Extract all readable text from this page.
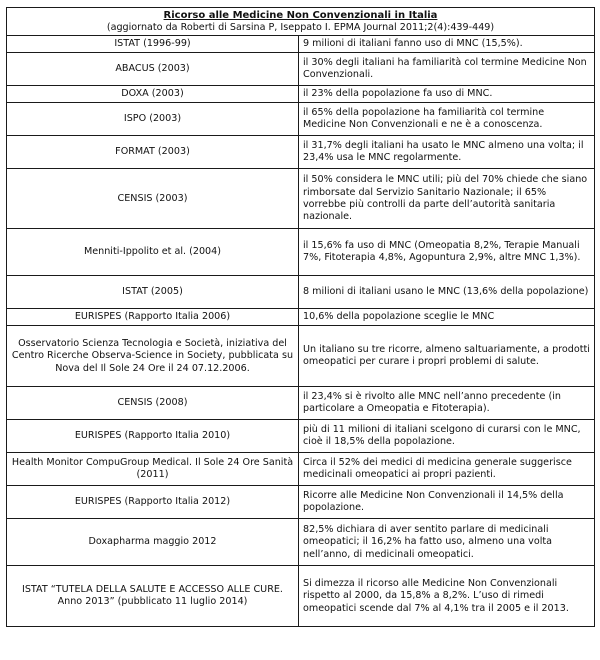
Ricorso alle Medicine Non Convenzionali in Italia
(aggiornato da Roberti di Sarsina P, Iseppato I. EPMA Journal 2011;2(4):439-449)	

ISTAT (1996-99)	9 milioni di italiani fanno uso di MNC (15,5%).
ABACUS (2003)	il 30% degli italiani ha familiarità col termine Medicine Non Convenzionali.
DOXA (2003)	il 23% della popolazione fa uso di MNC.
ISPO (2003)	il 65% della popolazione ha familiarità col termine Medicine Non Convenzionali e ne è a conoscenza.
FORMAT (2003)	il 31,7% degli italiani ha usato le MNC almeno una volta; il 23,4% usa le MNC regolarmente.
CENSIS (2003)	il 50% considera le MNC utili; più del 70% chiede che siano rimborsate dal Servizio Sanitario Nazionale; il 65% vorrebbe più controlli da parte dell’autorità sanitaria nazionale.
Menniti-Ippolito et al. (2004)	il 15,6% fa uso di MNC (Omeopatia 8,2%, Terapie Manuali 7%, Fitoterapia 4,8%, Agopuntura 2,9%, altre MNC 1,3%).
ISTAT (2005)	8 milioni di italiani usano le MNC (13,6% della popolazione)
EURISPES (Rapporto Italia 2006)	10,6% della popolazione sceglie le MNC
Osservatorio Scienza Tecnologia e Società, iniziativa del Centro Ricerche Observa-Science in Society, pubblicata su Nova del Il Sole 24 Ore il 24 07.12.2006.	Un italiano su tre ricorre, almeno saltuariamente, a prodotti omeopatici per curare i propri problemi di salute.
CENSIS (2008)	il 23,4% si è rivolto alle MNC nell’anno precedente (in particolare a Omeopatia e Fitoterapia).
EURISPES (Rapporto Italia 2010)	più di 11 milioni di italiani scelgono di curarsi con le MNC, cioè il 18,5% della popolazione.
Health Monitor CompuGroup Medical. Il Sole 24 Ore Sanità (2011)	Circa il 52% dei medici di medicina generale suggerisce medicinali omeopatici ai propri pazienti.
EURISPES (Rapporto Italia 2012)	Ricorre alle Medicine Non Convenzionali il 14,5% della popolazione.
Doxapharma maggio 2012	82,5% dichiara di aver sentito parlare di medicinali omeopatici; il 16,2% ha fatto uso, almeno una volta nell’anno, di medicinali omeopatici.
ISTAT “TUTELA DELLA SALUTE E ACCESSO ALLE CURE. Anno 2013” (pubblicato 11 luglio 2014)	Si dimezza il ricorso alle Medicine Non Convenzionali rispetto al 2000, da 15,8% a 8,2%. L’uso di rimedi omeopatici scende dal 7% al 4,1% tra il 2005 e il 2013.
